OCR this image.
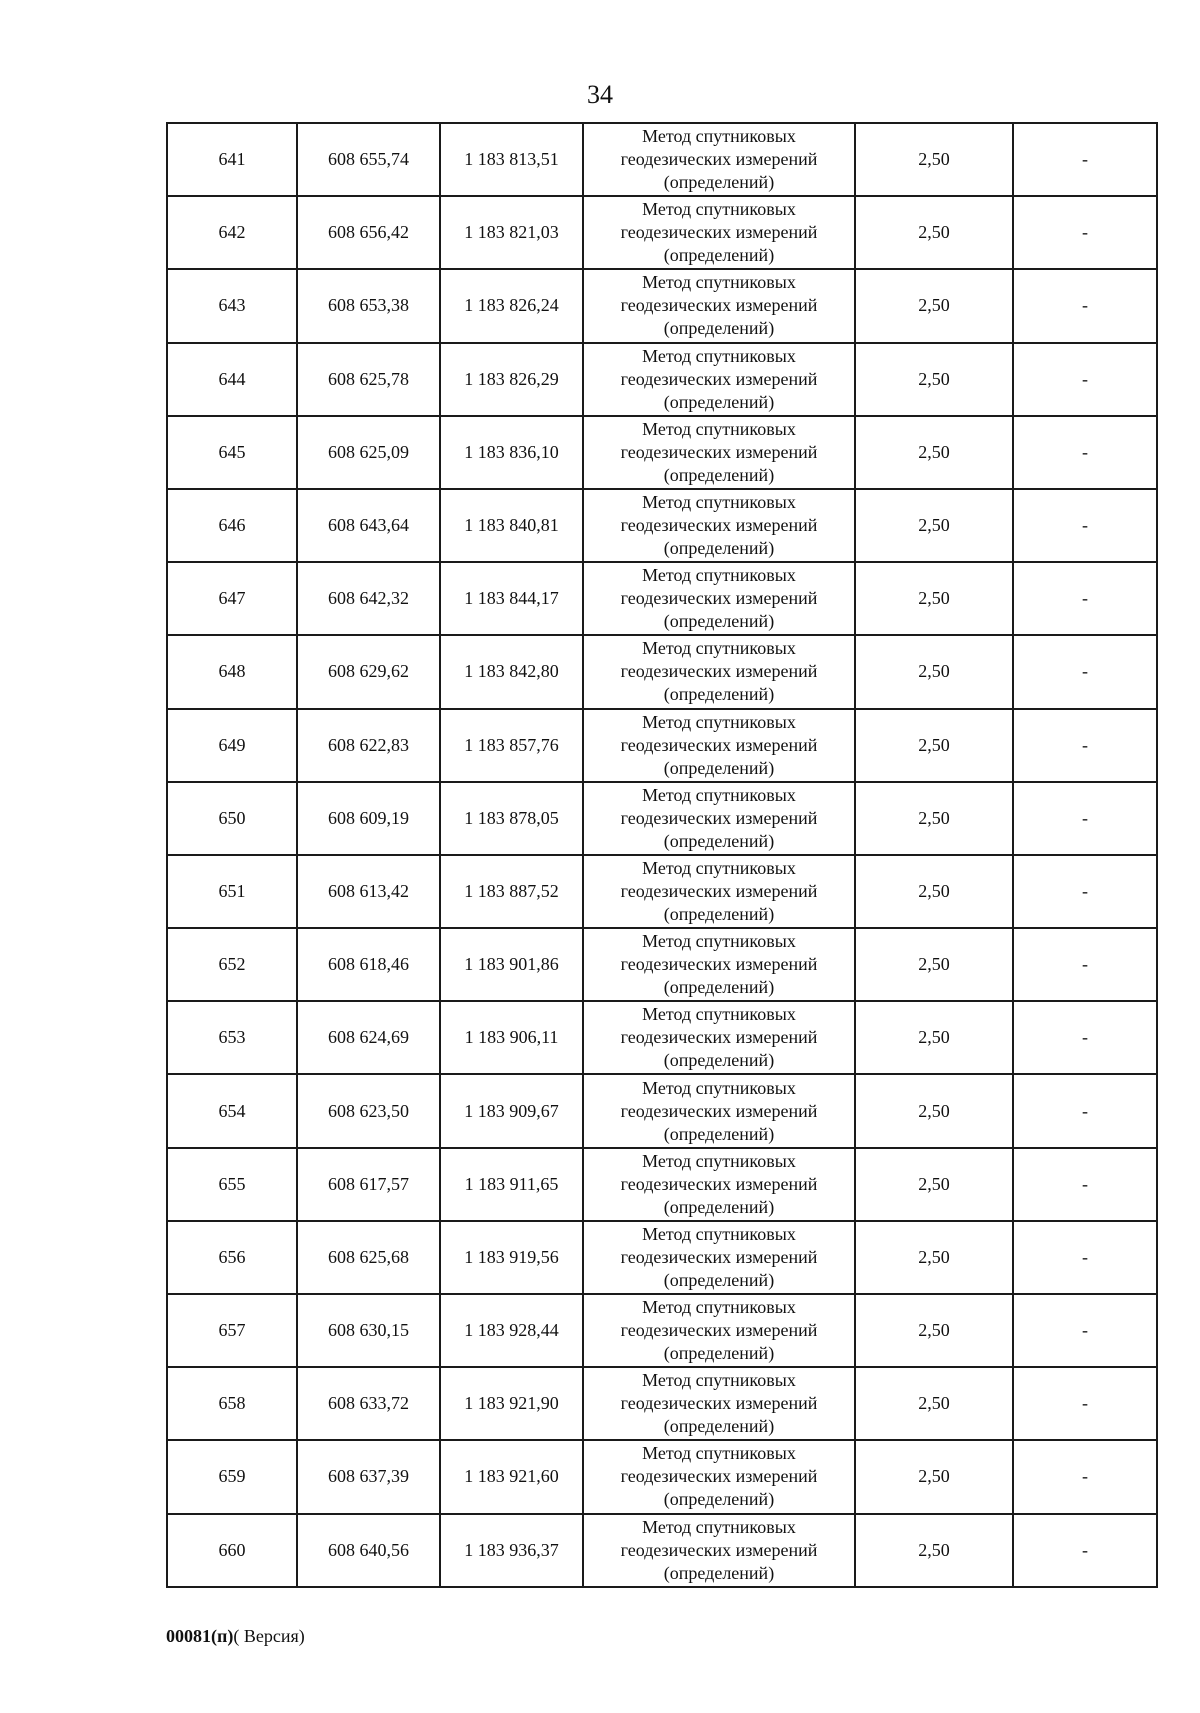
34
641	608 655,74	1 183 813,51	Метод спутниковых
геодезических измерений
(определений)	2,50	-
642	608 656,42	1 183 821,03	Метод спутниковых
геодезических измерений
(определений)	2,50	-
643	608 653,38	1 183 826,24	Метод спутниковых
геодезических измерений
(определений)	2,50	-
644	608 625,78	1 183 826,29	Метод спутниковых
геодезических измерений
(определений)	2,50	-
645	608 625,09	1 183 836,10	Метод спутниковых
геодезических измерений
(определений)	2,50	-
646	608 643,64	1 183 840,81	Метод спутниковых
геодезических измерений
(определений)	2,50	-
647	608 642,32	1 183 844,17	Метод спутниковых
геодезических измерений
(определений)	2,50	-
648	608 629,62	1 183 842,80	Метод спутниковых
геодезических измерений
(определений)	2,50	-
649	608 622,83	1 183 857,76	Метод спутниковых
геодезических измерений
(определений)	2,50	-
650	608 609,19	1 183 878,05	Метод спутниковых
геодезических измерений
(определений)	2,50	-
651	608 613,42	1 183 887,52	Метод спутниковых
геодезических измерений
(определений)	2,50	-
652	608 618,46	1 183 901,86	Метод спутниковых
геодезических измерений
(определений)	2,50	-
653	608 624,69	1 183 906,11	Метод спутниковых
геодезических измерений
(определений)	2,50	-
654	608 623,50	1 183 909,67	Метод спутниковых
геодезических измерений
(определений)	2,50	-
655	608 617,57	1 183 911,65	Метод спутниковых
геодезических измерений
(определений)	2,50	-
656	608 625,68	1 183 919,56	Метод спутниковых
геодезических измерений
(определений)	2,50	-
657	608 630,15	1 183 928,44	Метод спутниковых
геодезических измерений
(определений)	2,50	-
658	608 633,72	1 183 921,90	Метод спутниковых
геодезических измерений
(определений)	2,50	-
659	608 637,39	1 183 921,60	Метод спутниковых
геодезических измерений
(определений)	2,50	-
660	608 640,56	1 183 936,37	Метод спутниковых
геодезических измерений
(определений)	2,50	-
00081(п)( Версия)
